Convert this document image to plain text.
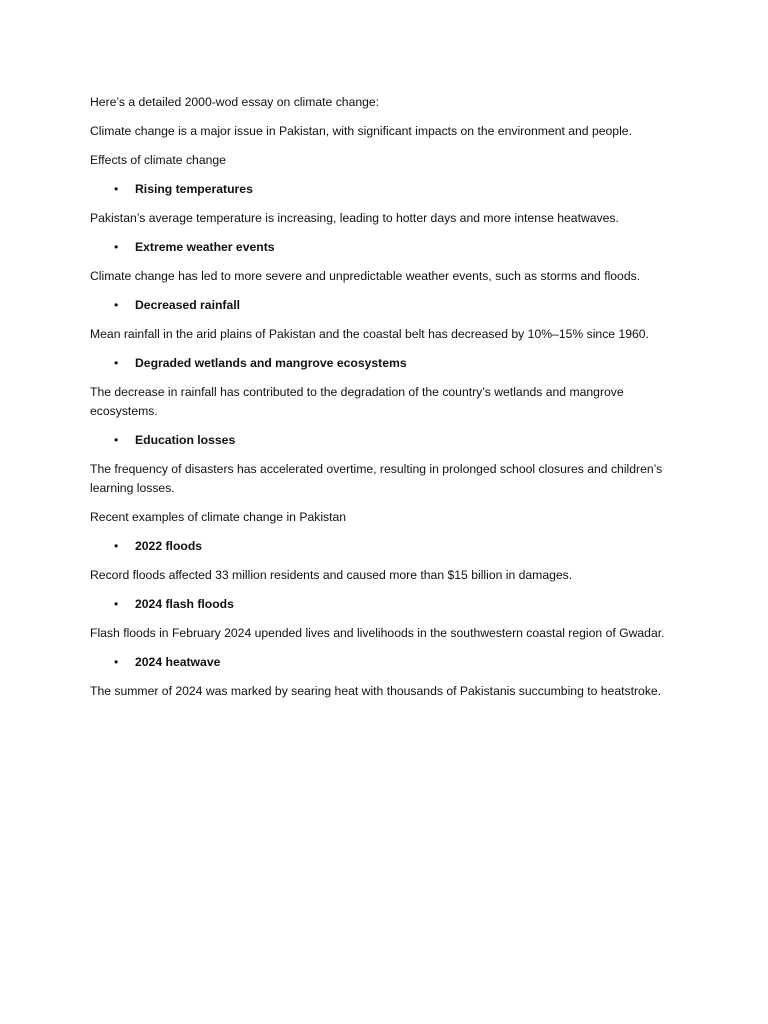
Here’s a detailed 2000-wod essay on climate change:

Climate change is a major issue in Pakistan, with significant impacts on the environment and people.

Effects of climate change

• Rising temperatures

Pakistan’s average temperature is increasing, leading to hotter days and more intense heatwaves.

• Extreme weather events

Climate change has led to more severe and unpredictable weather events, such as storms and floods.

• Decreased rainfall

Mean rainfall in the arid plains of Pakistan and the coastal belt has decreased by 10%–15% since 1960.

• Degraded wetlands and mangrove ecosystems

The decrease in rainfall has contributed to the degradation of the country’s wetlands and mangrove ecosystems.

• Education losses

The frequency of disasters has accelerated overtime, resulting in prolonged school closures and children’s learning losses.

Recent examples of climate change in Pakistan

• 2022 floods

Record floods affected 33 million residents and caused more than $15 billion in damages.

• 2024 flash floods

Flash floods in February 2024 upended lives and livelihoods in the southwestern coastal region of Gwadar.

• 2024 heatwave

The summer of 2024 was marked by searing heat with thousands of Pakistanis succumbing to heatstroke.
